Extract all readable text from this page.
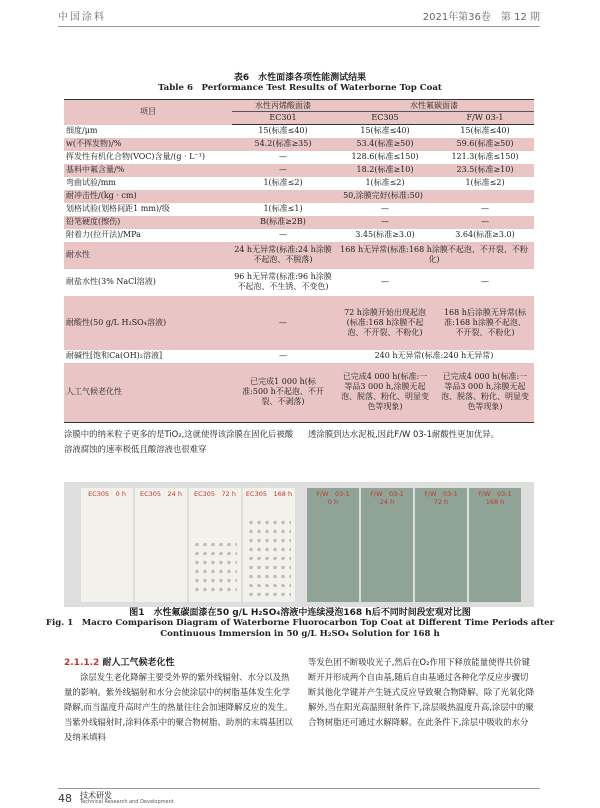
中国涂料	2021年第36卷　第 12 期
表6　水性面漆各项性能测试结果
Table 6　Performance Test Results of Waterborne Top Coat
项目	水性丙烯酸面漆	水性氟碳面漆	
	EC301	EC305	F/W 03-1
细度/μm	15(标准≤40)	15(标准≤40)	15(标准≤40)
w(不挥发物)/%	54.2(标准≥35)	53.4(标准≥50)	59.6(标准≥50)
挥发性有机化合物(VOC)含量/(g · L⁻¹)	—	128.6(标准≤150)	121.3(标准≤150)
基料中氟含量/%	—	18.2(标准≥10)	23.5(标准≥10)
弯曲试验/mm	1(标准≤2)	1(标准≤2)	1(标准≤2)
耐冲击性/(kg · cm)	50,涂膜完好(标准:50)		
划格试验(划格间距1 mm)/级	1(标准≤1)	—	—
铅笔硬度(擦伤)	B(标准≥2B)	—	—
附着力(拉开法)/MPa	—	3.45(标准≥3.0)	3.64(标准≥3.0)
耐水性	24 h无异常(标准:24 h涂膜不起泡、不脱落)	168 h无异常(标准:168 h涂膜不起泡、不开裂、不粉化)	
耐盐水性(3% NaCl溶液)	96 h无异常(标准:96 h涂膜不起泡、不生锈、不变色)	—	—
耐酸性(50 g/L H₂SO₄溶液)	—	72 h涂膜开始出现起泡(标准:168 h涂膜不起泡、不开裂、不粉化)	168 h后涂膜无异常(标准:168 h涂膜不起泡、不开裂、不粉化)
耐碱性[饱和Ca(OH)₂溶液]	—	240 h无异常(标准:240 h无异常)	
人工气候老化性	已完成1 000 h(标准:500 h不起泡、不开裂、不剥落)	已完成4 000 h(标准:一等品3 000 h,涂膜无起泡、脱落、粉化、明显变色等现象)	已完成4 000 h(标准:一等品3 000 h,涂膜无起泡、脱落、粉化、明显变色等现象)
涂膜中的纳米粒子更多的是TiO₂,这就使得该涂膜在固化后被酸溶液腐蚀的速率极低且酸溶液也很难穿
透涂膜到达水泥板,因此F/W 03-1耐酸性更加优异。
EC305　0 h	EC305　24 h	EC305　72 h	EC305　168 h	F/W　03-1
0 h
F/W　03-1
24 h
F/W　03-1
72 h
F/W　03-1
168 h
图1　水性氟碳面漆在50 g/L H₂SO₄溶液中连续浸泡168 h后不同时间段宏观对比图
Fig. 1　Macro Comparison Diagram of Waterborne Fluorocarbon Top Coat at Different Time Periods after
Continuous Immersion in 50 g/L H₂SO₄ Solution for 168 h
2.1.1.2 耐人工气候老化性
涂层发生老化降解主要受外界的紫外线辐射、水分以及热量的影响。紫外线辐射和水分会使涂层中的树脂基体发生化学降解,而当温度升高时产生的热量往往会加速降解反应的发生。当紫外线辐射时,涂料体系中的聚合物树脂、助剂的末端基团以及纳米填料
等发色团不断吸收光子,然后在O₂作用下释放能量使得共价键断开并形成两个自由基,随后自由基通过各种化学反应步骤切断其他化学键并产生链式反应导致聚合物降解。除了光氧化降解外,当在阳光高温照射条件下,涂层吸热温度升高,涂层中的聚合物树脂还可通过水解降解。在此条件下,涂层中吸收的水分
48 技术研发
Technical Research and Development
